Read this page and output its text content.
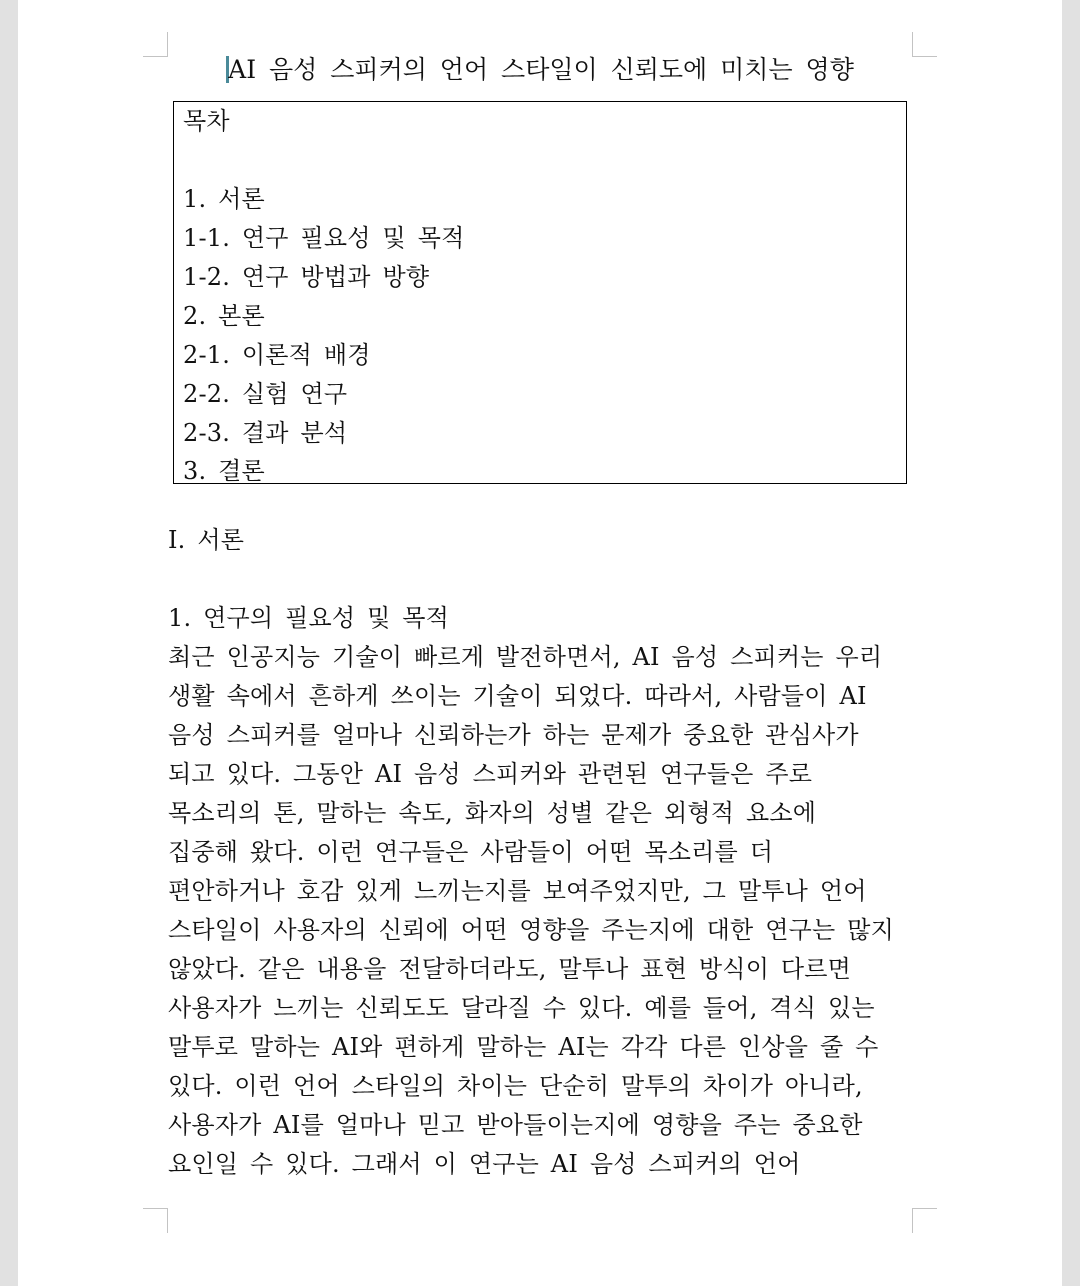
AI 음성 스피커의 언어 스타일이 신뢰도에 미치는 영향
목차
1. 서론
1-1. 연구 필요성 및 목적
1-2. 연구 방법과 방향
2. 본론
2-1. 이론적 배경
2-2. 실험 연구
2-3. 결과 분석
3. 결론
I. 서론
1. 연구의 필요성 및 목적
최근 인공지능 기술이 빠르게 발전하면서, AI 음성 스피커는 우리
생활 속에서 흔하게 쓰이는 기술이 되었다. 따라서, 사람들이 AI
음성 스피커를 얼마나 신뢰하는가 하는 문제가 중요한 관심사가
되고 있다. 그동안 AI 음성 스피커와 관련된 연구들은 주로
목소리의 톤, 말하는 속도, 화자의 성별 같은 외형적 요소에
집중해 왔다. 이런 연구들은 사람들이 어떤 목소리를 더
편안하거나 호감 있게 느끼는지를 보여주었지만, 그 말투나 언어
스타일이 사용자의 신뢰에 어떤 영향을 주는지에 대한 연구는 많지
않았다. 같은 내용을 전달하더라도, 말투나 표현 방식이 다르면
사용자가 느끼는 신뢰도도 달라질 수 있다. 예를 들어, 격식 있는
말투로 말하는 AI와 편하게 말하는 AI는 각각 다른 인상을 줄 수
있다. 이런 언어 스타일의 차이는 단순히 말투의 차이가 아니라,
사용자가 AI를 얼마나 믿고 받아들이는지에 영향을 주는 중요한
요인일 수 있다. 그래서 이 연구는 AI 음성 스피커의 언어
